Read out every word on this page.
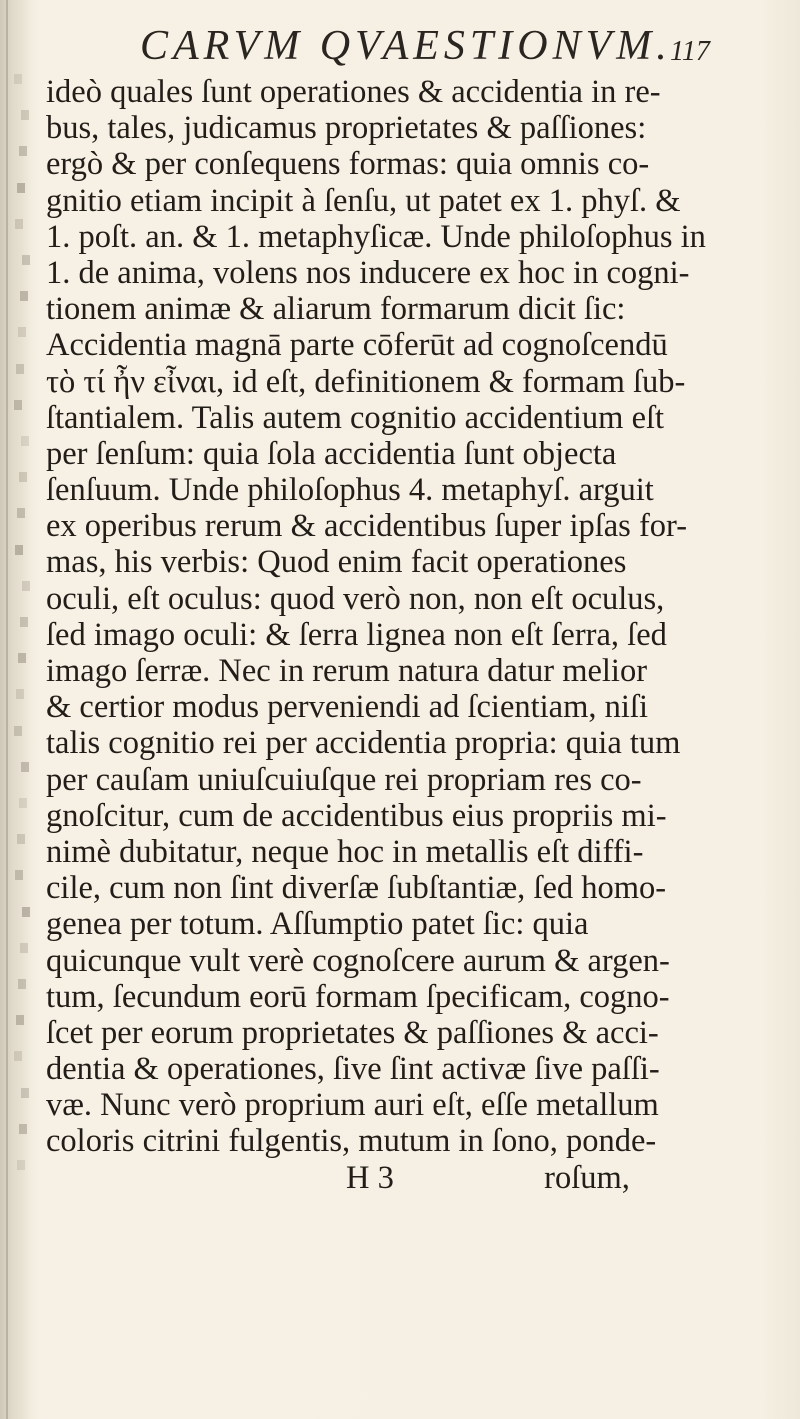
CARVM QVAESTIONVM.
117
ideò quales ſunt operationes & accidentia in re-
bus, tales, judicamus proprietates & paſſiones:
ergò & per conſequens formas: quia omnis co-
gnitio etiam incipit à ſenſu, ut patet ex 1. phyſ. &
1. poſt. an. & 1. metaphyſicæ. Unde philoſophus in
1. de anima, volens nos inducere ex hoc in cogni-
tionem animæ & aliarum formarum dicit ſic:
Accidentia magnā parte cōferūt ad cognoſcendū
τὸ τί ἦν εἶναι, id eſt, definitionem & formam ſub-
ſtantialem. Talis autem cognitio accidentium eſt
per ſenſum: quia ſola accidentia ſunt objecta
ſenſuum. Unde philoſophus 4. metaphyſ. arguit
ex operibus rerum & accidentibus ſuper ipſas for-
mas, his verbis: Quod enim facit operationes
oculi, eſt oculus: quod verò non, non eſt oculus,
ſed imago oculi: & ſerra lignea non eſt ſerra, ſed
imago ſerræ. Nec in rerum natura datur melior
& certior modus perveniendi ad ſcientiam, niſi
talis cognitio rei per accidentia propria: quia tum
per cauſam uniuſcuiuſque rei propriam res co-
gnoſcitur, cum de accidentibus eius propriis mi-
nimè dubitatur, neque hoc in metallis eſt diffi-
cile, cum non ſint diverſæ ſubſtantiæ, ſed homo-
genea per totum. Aſſumptio patet ſic: quia
quicunque vult verè cognoſcere aurum & argen-
tum, ſecundum eorū formam ſpecificam, cogno-
ſcet per eorum proprietates & paſſiones & acci-
dentia & operationes, ſive ſint activæ ſive paſſi-
væ. Nunc verò proprium auri eſt, eſſe metallum
coloris citrini fulgentis, mutum in ſono, ponde-
H 3	roſum,
